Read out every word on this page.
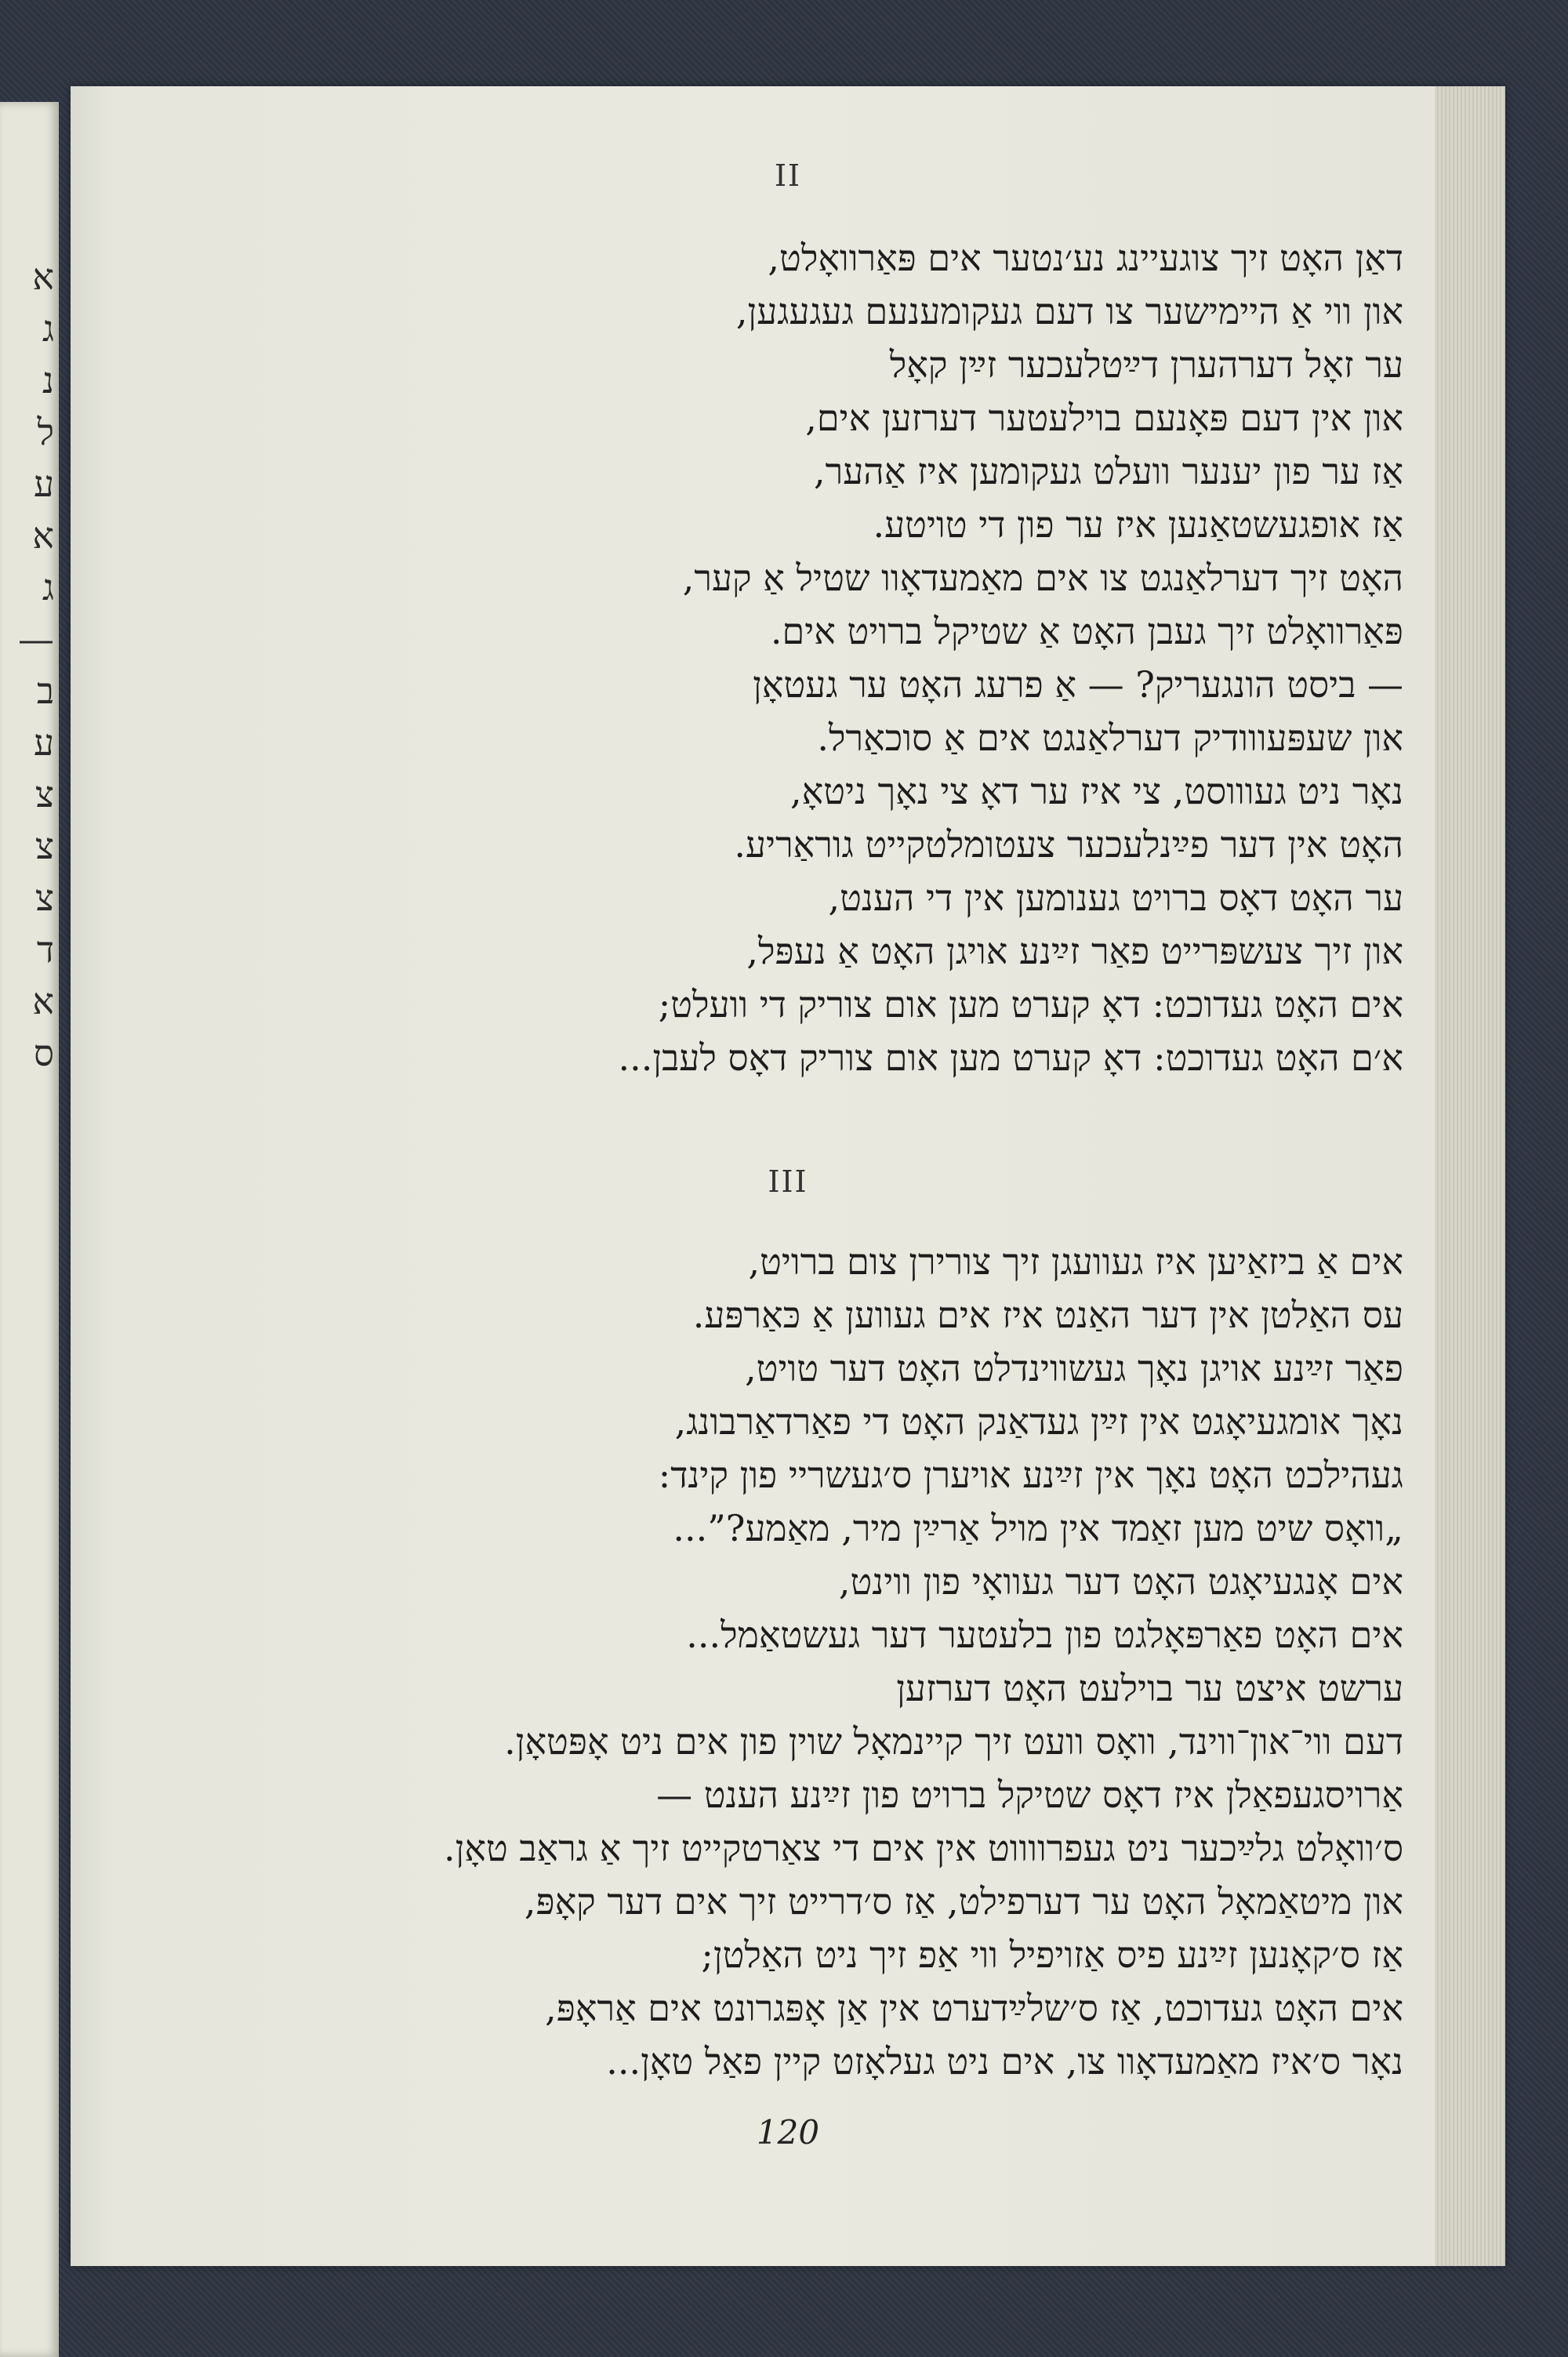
א
ג
נ
ל
ע
א
ג
—
ב
ע
צ
צ
צ
ד
א
ס
II
דאַן האָט זיך צוגעיינג נע׳נטער אים פּאַרוואָלט,
און ווי אַ היימישער צו דעם געקומענעם געגעגען,
ער זאָל דערהערן דײַטלעכער זײַן קאָל
און אין דעם פּאָנעם בוילעטער דערזען אים,
אַז ער פון יענער וועלט געקומען איז אַהער,
אַז אופגעשטאַנען איז ער פון די טויטע.
האָט זיך דערלאַנגט צו אים מאַמעדאָוו שטיל אַ קער,
פּאַרוואָלט זיך געבן האָט אַ שטיקל ברויט אים.
— ביסט הונגעריק? — אַ פרעג האָט ער געטאָן
און שעפּעווודיק דערלאַנגט אים אַ סוכאַרל.
נאָר ניט געוווסט, צי איז ער דאָ צי נאָך ניטאָ,
האָט אין דער פײַנלעכער צעטומלטקייט גוראַריע.
ער האָט דאָס ברויט גענומען אין די הענט,
און זיך צעשפּרייט פאַר זײַנע אויגן האָט אַ נעפּל,
אים האָט געדוכט: דאָ קערט מען אום צוריק די וועלט;
א׳ם האָט געדוכט: דאָ קערט מען אום צוריק דאָס לעבן...
III
אים אַ ביזאַיען איז געוועגן זיך צורירן צום ברויט,
עס האַלטן אין דער האַנט איז אים געווען אַ כּאַרפּע.
פאַר זײַנע אויגן נאָך געשווינדלט האָט דער טויט,
נאָך אומגעיאָגט אין זײַן געדאַנק האָט די פאַרדאַרבונג,
געהילכט האָט נאָך אין זײַנע אויערן ס׳געשריי פון קינד:
„וואָס שיט מען זאַמד אין מויל אַרײַן מיר, מאַמע?”...
אים אָנגעיאָגט האָט דער געוואָי פון ווינט,
אים האָט פאַרפּאָלגט פון בלעטער דער געשטאַמל...
ערשט איצט ער בוילעט האָט דערזען
דעם ווי־און־ווינד, וואָס וועט זיך קיינמאָל שוין פון אים ניט אָפּטאָן.
אַרויסגעפאַלן איז דאָס שטיקל ברויט פון זײַנע הענט —
ס׳וואָלט גלײַכער ניט געפרווווט אין אים די צאַרטקייט זיך אַ גראַב טאָן.
און מיטאַמאָל האָט ער דערפילט, אַז ס׳דרייט זיך אים דער קאָפּ,
אַז ס׳קאָנען זײַנע פיס אַזויפיל ווי אַפ זיך ניט האַלטן;
אים האָט געדוכט, אַז ס׳שלײַדערט אין אַן אָפּגרונט אים אַראָפּ,
נאָר ס׳איז מאַמעדאָוו צו, אים ניט געלאָזט קיין פאַל טאָן...
120
